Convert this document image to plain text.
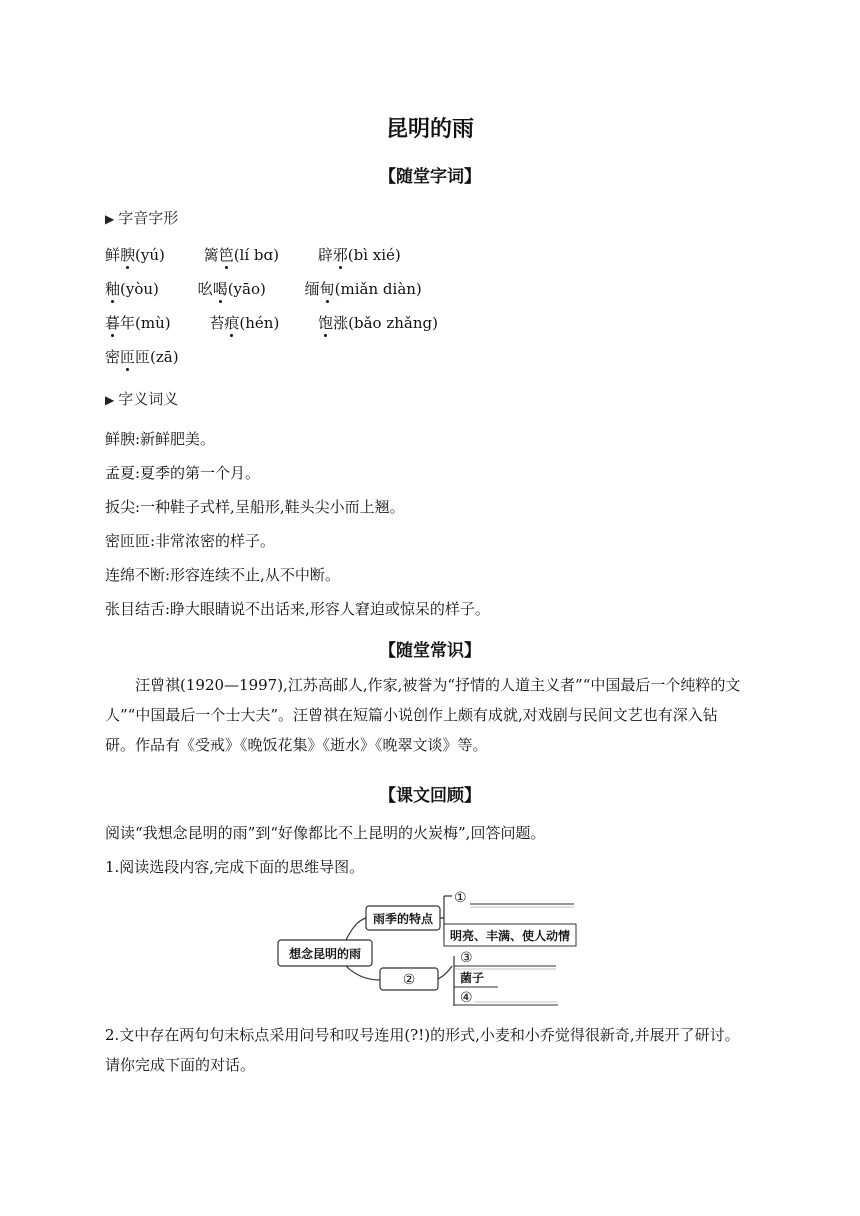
昆明的雨
【随堂字词】
▶ 字音字形
鲜腴(yú)	篱笆(lí bɑ)	辟邪(bì xié)
釉(yòu)	吆喝(yāo)	缅甸(miǎn diàn)
暮年(mù)	苔痕(hén)	饱涨(bǎo zhǎng)
密匝匝(zā)
▶ 字义词义
鲜腴:新鲜肥美。
孟夏:夏季的第一个月。
扳尖:一种鞋子式样,呈船形,鞋头尖小而上翘。
密匝匝:非常浓密的样子。
连绵不断:形容连续不止,从不中断。
张目结舌:睁大眼睛说不出话来,形容人窘迫或惊呆的样子。
【随堂常识】
汪曾祺(1920—1997),江苏高邮人,作家,被誉为“抒情的人道主义者”“中国最后一个纯粹的文人”“中国最后一个士大夫”。汪曾祺在短篇小说创作上颇有成就,对戏剧与民间文艺也有深入钻研。作品有《受戒》《晚饭花集》《逝水》《晚翠文谈》等。
【课文回顾】
阅读“我想念昆明的雨”到“好像都比不上昆明的火炭梅”,回答问题。
1.阅读选段内容,完成下面的思维导图。
想念昆明的雨
雨季的特点
①
明亮、丰满、使人动情
②
③
菌子
④
2.文中存在两句句末标点采用问号和叹号连用(?!)的形式,小麦和小乔觉得很新奇,并展开了研讨。请你完成下面的对话。
